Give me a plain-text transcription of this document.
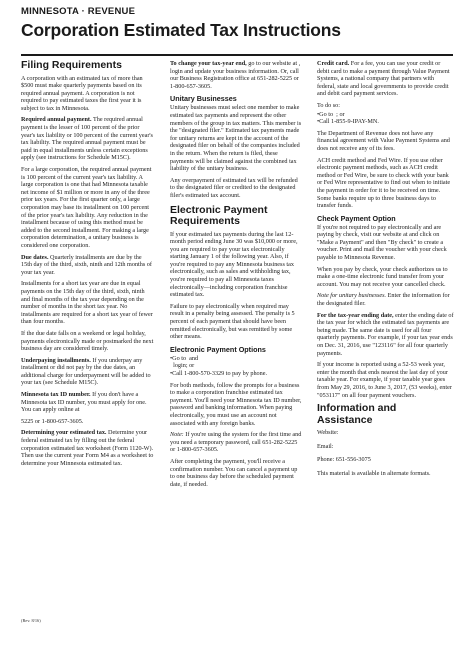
MINNESOTA · REVENUE
Corporation Estimated Tax Instructions
Filing Requirements

A corporation with an estimated tax of more than $500 must make quarterly payments based on its required annual payment. A corporation is not required to pay estimated taxes the first year it is subject to tax in Minnesota.

Required annual payment. The required annual payment is the lesser of 100 percent of the prior year's tax liability or 100 percent of the current year's tax liability. The required annual payment must be paid in equal installments unless certain exceptions apply (see instructions for Schedule M15C).

For a large corporation, the required annual payment is 100 percent of the current year's tax liability. A large corporation is one that had Minnesota taxable net income of $1 million or more in any of the three prior tax years. For the first quarter only, a large corporation may base its installment on 100 percent of the prior year's tax liability. Any reduction in the installment because of using this method must be added to the second installment. For making a large corporation determination, a unitary business is considered one corporation.

Due dates. Quarterly installments are due by the 15th day of the third, sixth, ninth and 12th months of your tax year.

Installments for a short tax year are due in equal payments on the 15th day of the third, sixth, ninth and final months of the tax year depending on the number of months in the short tax year. No installments are required for a short tax year of fewer than four months.

If the due date falls on a weekend or legal holiday, payments electronically made or postmarked the next business day are considered timely.

Underpaying installments. If you underpay any installment or did not pay by the due dates, an additional charge for underpayment will be added to your tax (see Schedule M15C).

Minnesota tax ID number. If you don't have a Minnesota tax ID number, you must apply for one. You can apply online at

5225 or 1-800-657-3605.

Determining your estimated tax. Determine your federal estimated tax by filling out the federal corporation estimated tax worksheet (Form 1120-W). Then use the current year Form M4 as a worksheet to determine your Minnesota estimated tax.

To change your tax-year end, go to our website at , login and update your business information. Or, call our Business Registration office at 651-282-5225 or 1-800-657-3605.

Unitary Businesses

Unitary businesses must select one member to make estimated tax payments and represent the other members of the group in tax matters. This member is the "designated filer." Estimated tax payments made for unitary returns are kept in the account of the designated filer on behalf of the companies included in the return. When the return is filed, these payments will be claimed against the combined tax liability of the unitary business.

Any overpayment of estimated tax will be refunded to the designated filer or credited to the designated filer's estimated tax account.

Electronic Payment Requirements

If your estimated tax payments during the last 12-month period ending June 30 was $10,000 or more, you are required to pay your tax electronically starting January 1 of the following year. Also, if you're required to pay any Minnesota business tax electronically, such as sales and withholding tax, you're required to pay all Minnesota taxes electronically—including corporation franchise estimated tax.

Failure to pay electronically when required may result in a penalty being assessed. The penalty is 5 percent of each payment that should have been remitted electronically, but was remitted by some other means.

Electronic Payment Options
•Go to  and
login; or
•Call 1-800-570-3329 to pay by phone.

For both methods, follow the prompts for a business to make a corporation franchise estimated tax payment. You'll need your Minnesota tax ID number, password and banking information. When paying electronically, you must use an account not associated with any foreign banks.

Note: If you're using the system for the first time and you need a temporary password, call 651-282-5225 or 1-800-657-3605.

After completing the payment, you'll receive a confirmation number. You can cancel a payment up to one business day before the scheduled payment date, if needed.

Credit card. For a fee, you can use your credit or debit card to make a payment through Value Payment Systems, a national company that partners with federal, state and local governments to provide credit and debit card payment services.

To do so:

•Go to  ; or
•Call 1-855-9-IPAY-MN.

The Department of Revenue does not have any financial agreement with Value Payment Systems and does not receive any of its fees.

ACH credit method and Fed Wire. If you use other electronic payment methods, such as ACH credit method or Fed Wire, be sure to check with your bank or Fed Wire representative to find out when to initiate the payment in order for it to be received on time. Some banks require up to three business days to transfer funds.

Check Payment Option

If you're not required to pay electronically and are paying by check, visit our website at and click on "Make a Payment" and then "By check" to create a voucher. Print and mail the voucher with your check payable to Minnesota Revenue.

When you pay by check, your check authorizes us to make a one-time electronic fund transfer from your account. You may not receive your cancelled check.

Note for unitary businesses. Enter the information for the designated filer.

For the tax-year ending date, enter the ending date of the tax year for which the estimated tax payments are being made. The same date is used for all four quarterly payments. For example, if your tax year ends on Dec. 31, 2016, use "123116" for all four quarterly payments.

If your income is reported using a 52-53 week year, enter the month that ends nearest the last day of your taxable year. For example, if your taxable year goes from May 29, 2016, to June 3, 2017, (53 weeks), enter "053117" on all four payment vouchers.

Information and Assistance

Website:

Email:

Phone: 651-556-3075

This material is available in alternate formats.

(Rev. 8/16)
